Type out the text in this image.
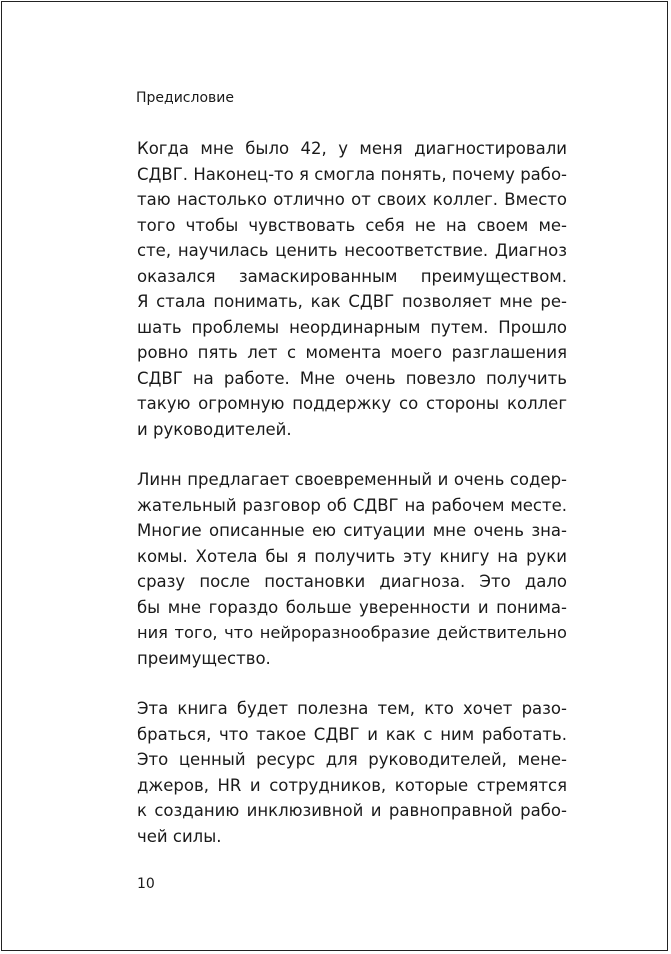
Предисловие

Когда мне было 42, у меня диагностировали
СДВГ. Наконец-то я смогла понять, почему рабо-
таю настолько отлично от своих коллег. Вместо
того чтобы чувствовать себя не на своем ме-
сте, научилась ценить несоответствие. Диагноз
оказался замаскированным преимуществом.
Я стала понимать, как СДВГ позволяет мне ре-
шать проблемы неординарным путем. Прошло
ровно пять лет с момента моего разглашения
СДВГ на работе. Мне очень повезло получить
такую огромную поддержку со стороны коллег
и руководителей.

Линн предлагает своевременный и очень содер-
жательный разговор об СДВГ на рабочем месте.
Многие описанные ею ситуации мне очень зна-
комы. Хотела бы я получить эту книгу на руки
сразу после постановки диагноза. Это дало
бы мне гораздо больше уверенности и понима-
ния того, что нейроразнообразие действительно
преимущество.

Эта книга будет полезна тем, кто хочет разо-
браться, что такое СДВГ и как с ним работать.
Это ценный ресурс для руководителей, мене-
джеров, HR и сотрудников, которые стремятся
к созданию инклюзивной и равноправной рабо-
чей силы.

10
